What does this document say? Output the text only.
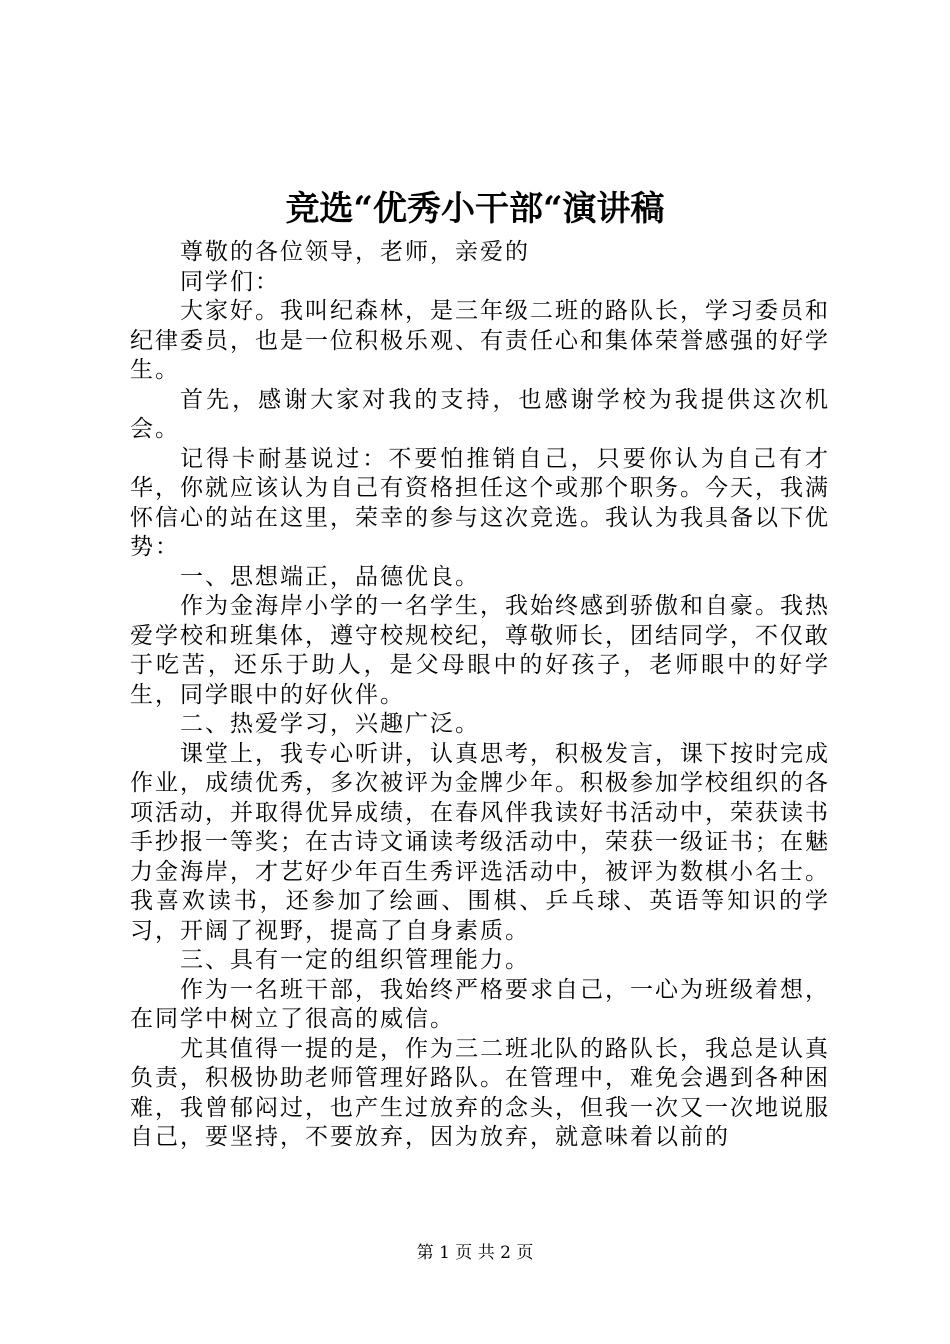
竞选“优秀小干部“演讲稿

尊敬的各位领导，老师，亲爱的

同学们：

大家好。我叫纪森林，是三年级二班的路队长，学习委员和纪律委员，也是一位积极乐观、有责任心和集体荣誉感强的好学生。

首先，感谢大家对我的支持，也感谢学校为我提供这次机会。

记得卡耐基说过：不要怕推销自己，只要你认为自己有才华，你就应该认为自己有资格担任这个或那个职务。今天，我满怀信心的站在这里，荣幸的参与这次竞选。我认为我具备以下优势：

一、思想端正，品德优良。

作为金海岸小学的一名学生，我始终感到骄傲和自豪。我热爱学校和班集体，遵守校规校纪，尊敬师长，团结同学，不仅敢于吃苦，还乐于助人，是父母眼中的好孩子，老师眼中的好学生，同学眼中的好伙伴。

二、热爱学习，兴趣广泛。

课堂上，我专心听讲，认真思考，积极发言，课下按时完成作业，成绩优秀，多次被评为金牌少年。积极参加学校组织的各项活动，并取得优异成绩，在春风伴我读好书活动中，荣获读书手抄报一等奖；在古诗文诵读考级活动中，荣获一级证书；在魅力金海岸，才艺好少年百生秀评选活动中，被评为数棋小名士。我喜欢读书，还参加了绘画、围棋、乒乓球、英语等知识的学习，开阔了视野，提高了自身素质。

三、具有一定的组织管理能力。

作为一名班干部，我始终严格要求自己，一心为班级着想，在同学中树立了很高的威信。

尤其值得一提的是，作为三二班北队的路队长，我总是认真负责，积极协助老师管理好路队。在管理中，难免会遇到各种困难，我曾郁闷过，也产生过放弃的念头，但我一次又一次地说服自己，要坚持，不要放弃，因为放弃，就意味着以前的

第 1 页 共 2 页
